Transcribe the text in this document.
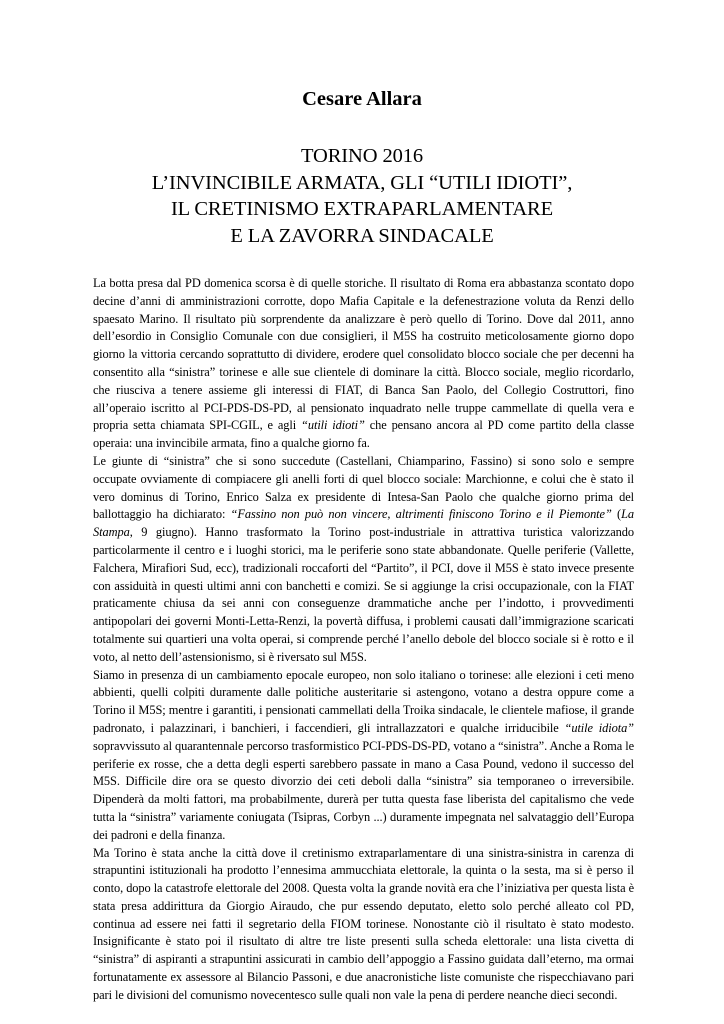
Cesare Allara
TORINO 2016
L’INVINCIBILE ARMATA, GLI “UTILI IDIOTI”,
IL CRETINISMO EXTRAPARLAMENTARE
E LA ZAVORRA SINDACALE

La botta presa dal PD domenica scorsa è di quelle storiche. Il risultato di Roma era abbastanza scontato dopo decine d’anni di amministrazioni corrotte, dopo Mafia Capitale e la defenestrazione voluta da Renzi dello spaesato Marino. Il risultato più sorprendente da analizzare è però quello di Torino. Dove dal 2011, anno dell’esordio in Consiglio Comunale con due consiglieri, il M5S ha costruito meticolosamente giorno dopo giorno la vittoria cercando soprattutto di dividere, erodere quel consolidato blocco sociale che per decenni ha consentito alla “sinistra” torinese e alle sue clientele di dominare la città. Blocco sociale, meglio ricordarlo, che riusciva a tenere assieme gli interessi di FIAT, di Banca San Paolo, del Collegio Costruttori, fino all’operaio iscritto al PCI-PDS-DS-PD, al pensionato inquadrato nelle truppe cammellate di quella vera e propria setta chiamata SPI-CGIL, e agli “utili idioti” che pensano ancora al PD come partito della classe operaia: una invincibile armata, fino a qualche giorno fa.

Le giunte di “sinistra” che si sono succedute (Castellani, Chiamparino, Fassino) si sono solo e sempre occupate ovviamente di compiacere gli anelli forti di quel blocco sociale: Marchionne, e colui che è stato il vero dominus di Torino, Enrico Salza ex presidente di Intesa-San Paolo che qualche giorno prima del ballottaggio ha dichiarato: “Fassino non può non vincere, altrimenti finiscono Torino e il Piemonte” (La Stampa, 9 giugno). Hanno trasformato la Torino post-industriale in attrattiva turistica valorizzando particolarmente il centro e i luoghi storici, ma le periferie sono state abbandonate. Quelle periferie (Vallette, Falchera, Mirafiori Sud, ecc), tradizionali roccaforti del “Partito”, il PCI, dove il M5S è stato invece presente con assiduità in questi ultimi anni con banchetti e comizi. Se si aggiunge la crisi occupazionale, con la FIAT praticamente chiusa da sei anni con conseguenze drammatiche anche per l’indotto, i provvedimenti antipopolari dei governi Monti-Letta-Renzi, la povertà diffusa, i problemi causati dall’immigrazione scaricati totalmente sui quartieri una volta operai, si comprende perché l’anello debole del blocco sociale si è rotto e il voto, al netto dell’astensionismo, si è riversato sul M5S.

Siamo in presenza di un cambiamento epocale europeo, non solo italiano o torinese: alle elezioni i ceti meno abbienti, quelli colpiti duramente dalle politiche austeritarie si astengono, votano a destra oppure come a Torino il M5S; mentre i garantiti, i pensionati cammellati della Troika sindacale, le clientele mafiose, il grande padronato, i palazzinari, i banchieri, i faccendieri, gli intrallazzatori e qualche irriducibile “utile idiota” sopravvissuto al quarantennale percorso trasformistico PCI-PDS-DS-PD, votano a “sinistra”. Anche a Roma le periferie ex rosse, che a detta degli esperti sarebbero passate in mano a Casa Pound, vedono il successo del M5S. Difficile dire ora se questo divorzio dei ceti deboli dalla “sinistra” sia temporaneo o irreversibile. Dipenderà da molti fattori, ma probabilmente, durerà per tutta questa fase liberista del capitalismo che vede tutta la “sinistra” variamente coniugata (Tsipras, Corbyn ...) duramente impegnata nel salvataggio dell’Europa dei padroni e della finanza.

Ma Torino è stata anche la città dove il cretinismo extraparlamentare di una sinistra-sinistra in carenza di strapuntini istituzionali ha prodotto l’ennesima ammucchiata elettorale, la quinta o la sesta, ma si è perso il conto, dopo la catastrofe elettorale del 2008. Questa volta la grande novità era che l’iniziativa per questa lista è stata presa addirittura da Giorgio Airaudo, che pur essendo deputato, eletto solo perché alleato col PD, continua ad essere nei fatti il segretario della FIOM torinese. Nonostante ciò il risultato è stato modesto. Insignificante è stato poi il risultato di altre tre liste presenti sulla scheda elettorale: una lista civetta di “sinistra” di aspiranti a strapuntini assicurati in cambio dell’appoggio a Fassino guidata dall’eterno, ma ormai fortunatamente ex assessore al Bilancio Passoni, e due anacronistiche liste comuniste che rispecchiavano pari pari le divisioni del comunismo novecentesco sulle quali non vale la pena di perdere neanche dieci secondi.
